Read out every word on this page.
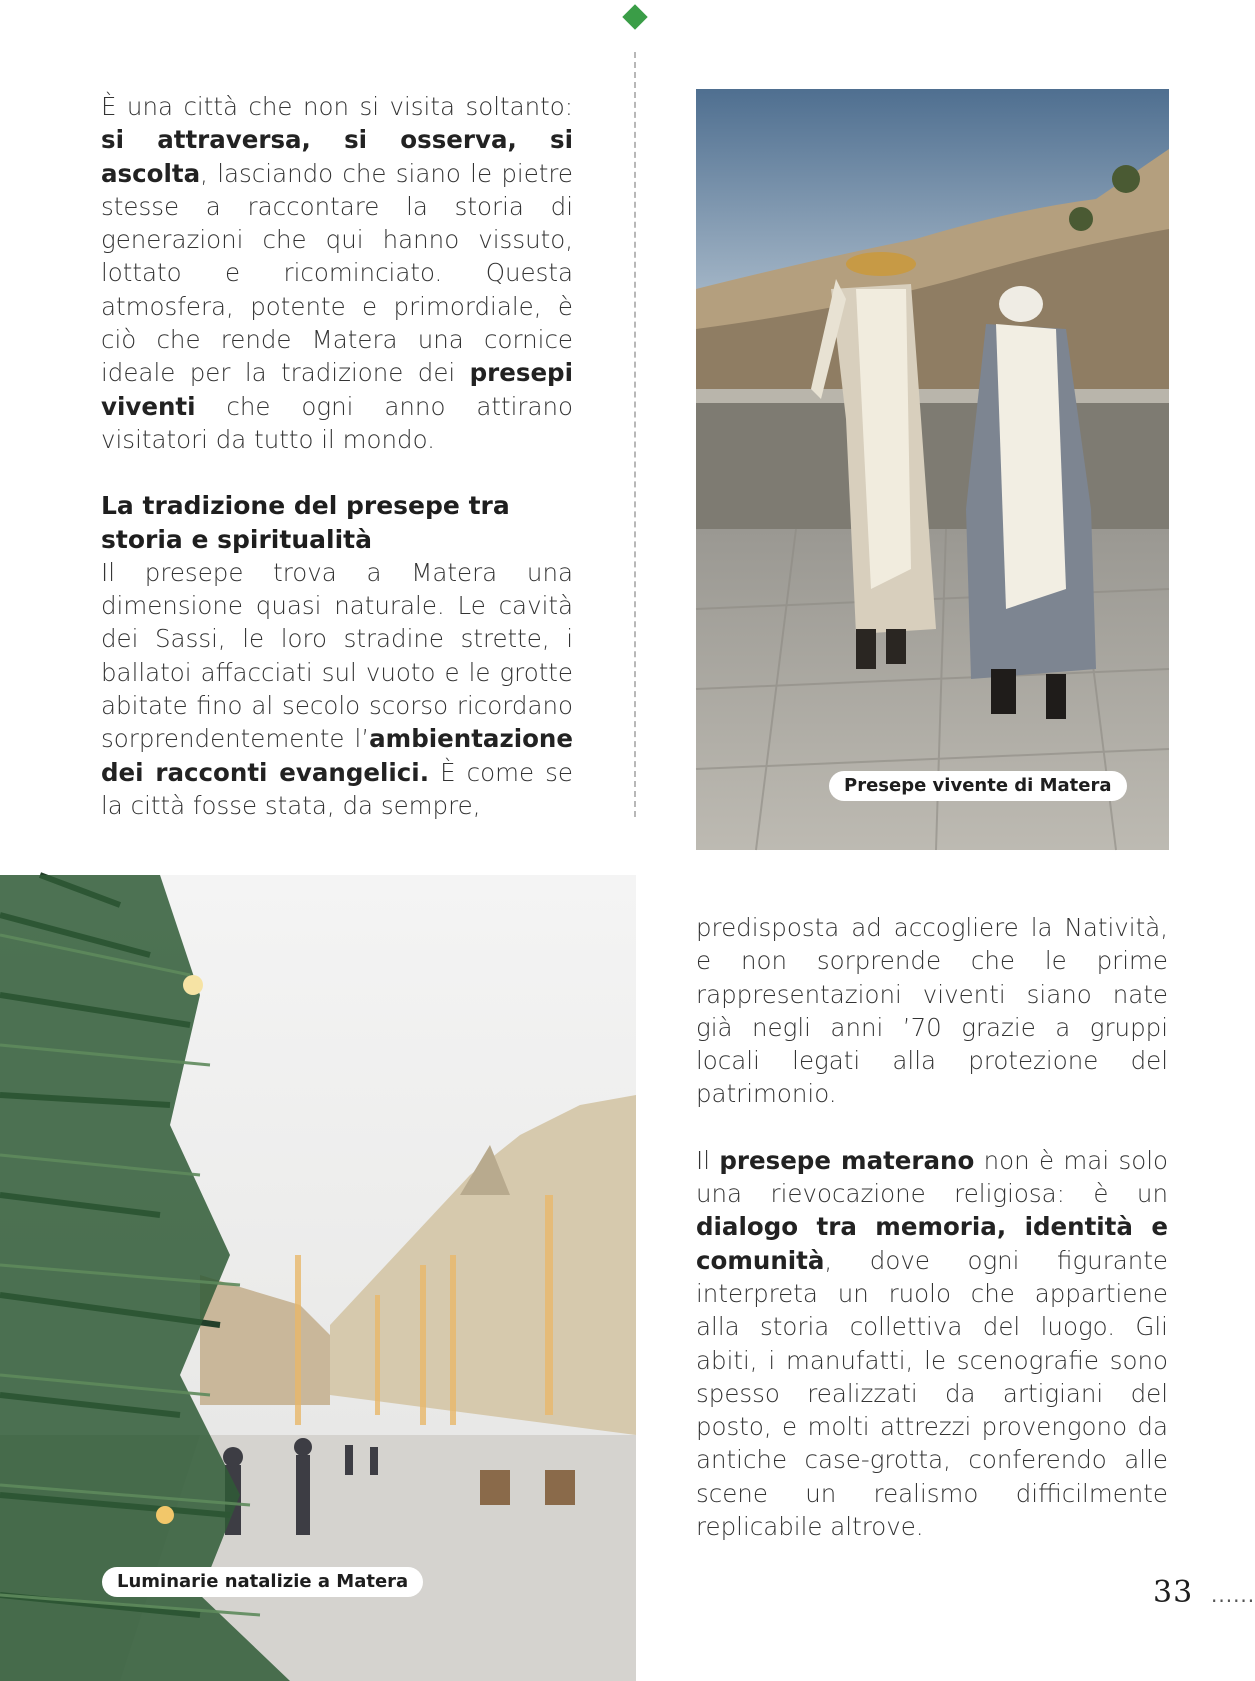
È una città che non si visita soltanto: si attraversa, si osserva, si ascolta, lasciando che siano le pietre stesse a raccontare la storia di generazioni che qui hanno vissuto, lottato e ricominciato. Questa atmosfera, potente e primordiale, è ciò che rende Matera una cornice ideale per la tradizione dei presepi viventi che ogni anno attirano visitatori da tutto il mondo.

La tradizione del presepe tra storia e spiritualità

Il presepe trova a Matera una dimensione quasi naturale. Le cavità dei Sassi, le loro stradine strette, i ballatoi affacciati sul vuoto e le grotte abitate fino al secolo scorso ricordano sorprendentemente l’ambientazione dei racconti evangelici. È come se la città fosse stata, da sempre,

Presepe vivente di Matera
Luminarie natalizie a Matera

predisposta ad accogliere la Natività, e non sorprende che le prime rappresentazioni viventi siano nate già negli anni ’70 grazie a gruppi locali legati alla protezione del patrimonio.

Il presepe materano non è mai solo una rievocazione religiosa: è un dialogo tra memoria, identità e comunità, dove ogni figurante interpreta un ruolo che appartiene alla storia collettiva del luogo. Gli abiti, i manufatti, le scenografie sono spesso realizzati da artigiani del posto, e molti attrezzi provengono da antiche case-grotta, conferendo alle scene un realismo difficilmente replicabile altrove.

33 ......
